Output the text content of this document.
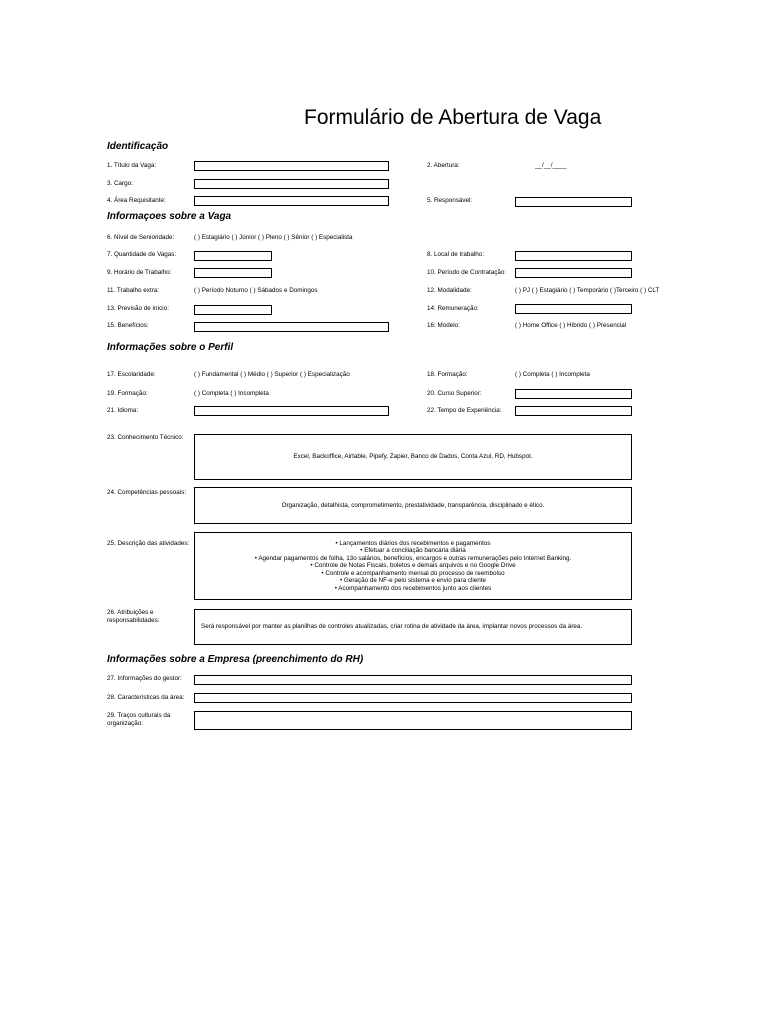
Formulário de Abertura de Vaga
Identificação
1. Título da Vaga:	2. Abertura:	__/__/____
3. Cargo:
4. Área Requisitante:	5. Responsável:
Informaçoes sobre a Vaga
6. Nível de Senioridade:	( ) Estagiário ( ) Júnior ( ) Pleno ( ) Sênior ( ) Especialista
7. Quantidade de Vagas:	8. Local de trabalho:
9. Horário de Trabalho:	10. Período de Contratação:
11. Trabalho extra:	( ) Período Noturno ( ) Sábados e Domingos	12. Modalidade:	( ) PJ ( ) Estagiário ( ) Temporário ( )Terceiro ( ) CLT
13. Previsão de início:	14: Remuneração:
15. Benefícios:	16: Modelo:	( ) Home Office ( ) Híbrido ( ) Presencial
Informações sobre o Perfil
17. Escolaridade:	( ) Fundamental ( ) Médio ( ) Superior ( ) Especialização	18. Formação:	( ) Completa ( ) Incompleta
19. Formação:	( ) Completa ( ) Incompleta	20. Curso Superior:
21. Idioma:	22. Tempo de Experiência:
23. Conhecimento Técnico:
Excel, Backoffice, Airtable, Pipefy, Zapier, Banco de Dados, Conta Azul, RD, Hubspot.
24. Competências pessoais:
Organização, detalhista, comprometimento, prestatividade, transparência, disciplinado e ético.
25. Descrição das atividades:	• Lançamentos diários dos recebimentos e pagamentos
• Efetuar a conciliação bancária diária
• Agendar pagamentos de folha, 13o salários, benefícios, encargos e outras remunerações pelo Internet Banking.
• Controle de Notas Fiscais, boletos e demais arquivos e no Google Drive
• Controle e acompanhamento mensal do processo de reembolso
• Geração de NF-e pelo sistema e envio para cliente
• Acompanhamento dos recebimentos junto aos clientes
26. Atribuições e responsabilidades:
Será responsável por manter as planilhas de controles atualizadas, criar rotina de atividade da área, implantar novos processos da área.
Informações sobre a Empresa (preenchimento do RH)
27. Informações do gestor:
28. Características da área:
29. Traços culturais da organização:
